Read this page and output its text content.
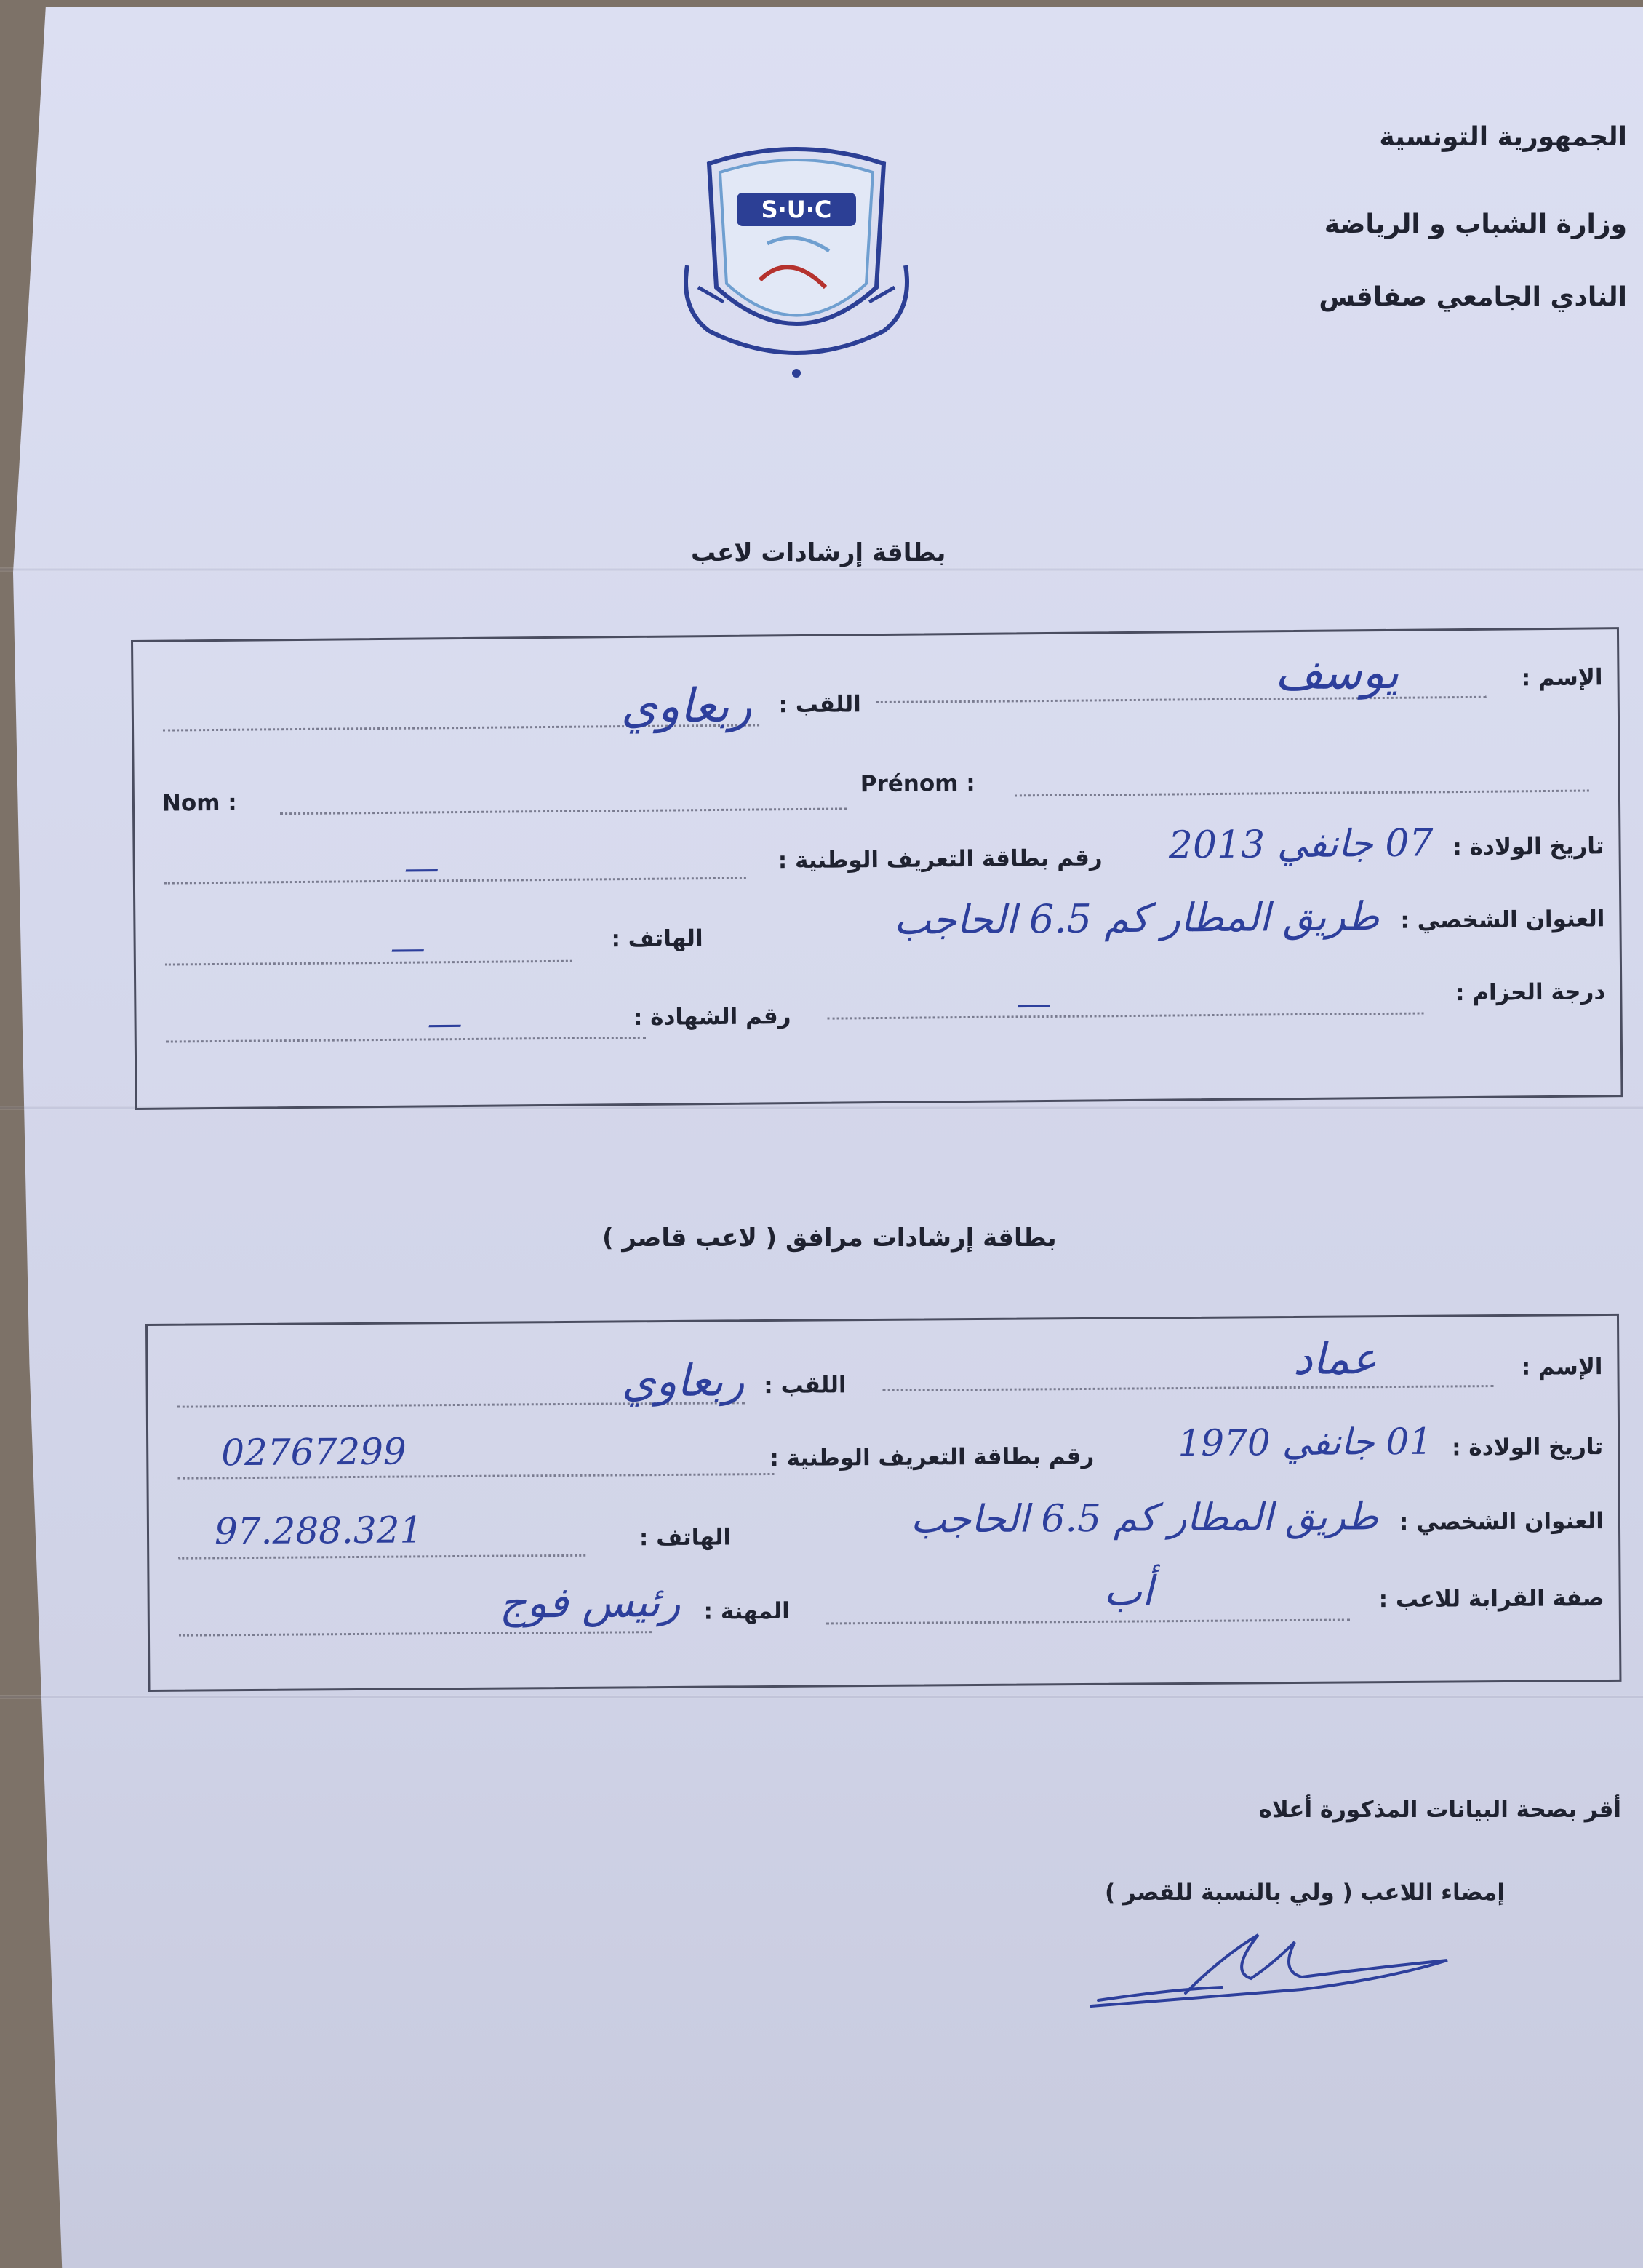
الجمهورية التونسية
وزارة الشباب و الرياضة
النادي الجامعي صفاقس
S·U·C
بطاقة إرشادات لاعب
الإسم :
يوسف
اللقب :
ربعاوي
Prénom :
Nom :
تاريخ الولادة :
07 جانفي 2013
رقم بطاقة التعريف الوطنية :
—
العنوان الشخصي :
طريق المطار كم 6.5 الحاجب
الهاتف :
—
درجة الحزام :
—
رقم الشهادة :
—
بطاقة إرشادات مرافق ( لاعب قاصر )
الإسم :
عماد
اللقب :
ربعاوي
تاريخ الولادة :
01 جانفي 1970
رقم بطاقة التعريف الوطنية :
02767299
العنوان الشخصي :
طريق المطار كم 6.5 الحاجب
الهاتف :
97.288.321
صفة القرابة للاعب :
أب
المهنة :
رئيس فوج
أقر بصحة البيانات المذكورة أعلاه
إمضاء اللاعب ( ولي بالنسبة للقصر )
